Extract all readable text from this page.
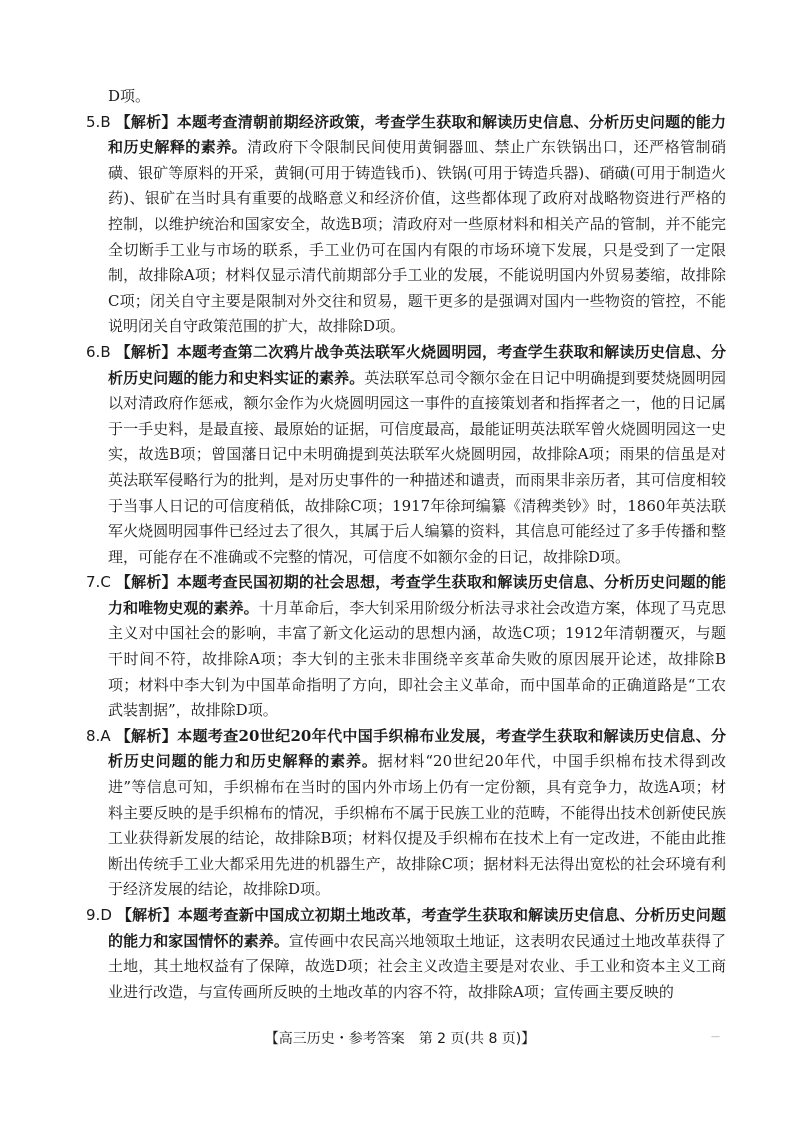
D项。

5.B 【解析】本题考查清朝前期经济政策，考查学生获取和解读历史信息、分析历史问题的能力和历史解释的素养。清政府下令限制民间使用黄铜器皿、禁止广东铁锅出口，还严格管制硝磺、银矿等原料的开采，黄铜(可用于铸造钱币)、铁锅(可用于铸造兵器)、硝磺(可用于制造火药)、银矿在当时具有重要的战略意义和经济价值，这些都体现了政府对战略物资进行严格的控制，以维护统治和国家安全，故选B项；清政府对一些原材料和相关产品的管制，并不能完全切断手工业与市场的联系，手工业仍可在国内有限的市场环境下发展，只是受到了一定限制，故排除A项；材料仅显示清代前期部分手工业的发展，不能说明国内外贸易萎缩，故排除C项；闭关自守主要是限制对外交往和贸易，题干更多的是强调对国内一些物资的管控，不能说明闭关自守政策范围的扩大，故排除D项。

6.B 【解析】本题考查第二次鸦片战争英法联军火烧圆明园，考查学生获取和解读历史信息、分析历史问题的能力和史料实证的素养。英法联军总司令额尔金在日记中明确提到要焚烧圆明园以对清政府作惩戒，额尔金作为火烧圆明园这一事件的直接策划者和指挥者之一，他的日记属于一手史料，是最直接、最原始的证据，可信度最高，最能证明英法联军曾火烧圆明园这一史实，故选B项；曾国藩日记中未明确提到英法联军火烧圆明园，故排除A项；雨果的信虽是对英法联军侵略行为的批判，是对历史事件的一种描述和谴责，而雨果非亲历者，其可信度相较于当事人日记的可信度稍低，故排除C项；1917年徐珂编纂《清稗类钞》时，1860年英法联军火烧圆明园事件已经过去了很久，其属于后人编纂的资料，其信息可能经过了多手传播和整理，可能存在不准确或不完整的情况，可信度不如额尔金的日记，故排除D项。

7.C 【解析】本题考查民国初期的社会思想，考查学生获取和解读历史信息、分析历史问题的能力和唯物史观的素养。十月革命后，李大钊采用阶级分析法寻求社会改造方案，体现了马克思主义对中国社会的影响，丰富了新文化运动的思想内涵，故选C项；1912年清朝覆灭，与题干时间不符，故排除A项；李大钊的主张未非围绕辛亥革命失败的原因展开论述，故排除B项；材料中李大钊为中国革命指明了方向，即社会主义革命，而中国革命的正确道路是“工农武装割据”，故排除D项。

8.A 【解析】本题考查20世纪20年代中国手织棉布业发展，考查学生获取和解读历史信息、分析历史问题的能力和历史解释的素养。据材料“20世纪20年代，中国手织棉布技术得到改进”等信息可知，手织棉布在当时的国内外市场上仍有一定份额，具有竞争力，故选A项；材料主要反映的是手织棉布的情况，手织棉布不属于民族工业的范畴，不能得出技术创新使民族工业获得新发展的结论，故排除B项；材料仅提及手织棉布在技术上有一定改进，不能由此推断出传统手工业大都采用先进的机器生产，故排除C项；据材料无法得出宽松的社会环境有利于经济发展的结论，故排除D项。

9.D 【解析】本题考查新中国成立初期土地改革，考查学生获取和解读历史信息、分析历史问题的能力和家国情怀的素养。宣传画中农民高兴地领取土地证，这表明农民通过土地改革获得了土地，其土地权益有了保障，故选D项；社会主义改造主要是对农业、手工业和资本主义工商业进行改造，与宣传画所反映的土地改革的内容不符，故排除A项；宣传画主要反映的

【高三历史・参考答案　第 2 页(共 8 页)】	—
